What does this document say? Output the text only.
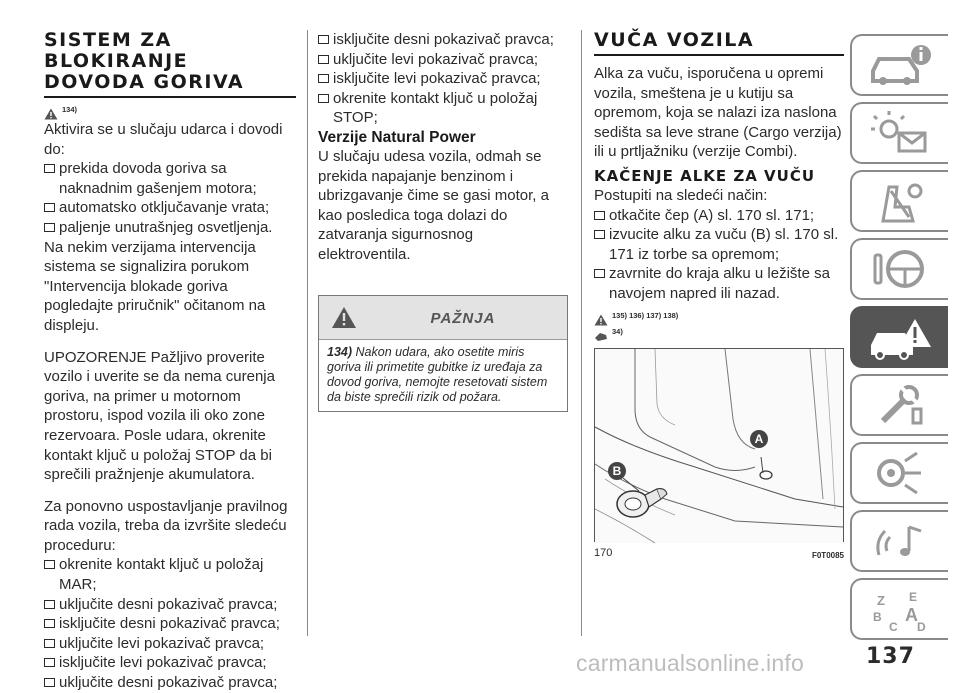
SISTEM ZA
BLOKIRANJE
DOVODA GORIVA
134)

Aktivira se u slučaju udarca i dovodi do:

prekida dovoda goriva sa naknadnim gašenjem motora;
automatsko otključavanje vrata;
paljenje unutrašnjeg osvetljenja.

Na nekim verzijama intervencija sistema se signalizira porukom "Intervencija blokade goriva pogledajte priručnik" očitanom na displeju.

UPOZORENJE Pažljivo proverite vozilo i uverite se da nema curenja goriva, na primer u motornom prostoru, ispod vozila ili oko zone rezervoara. Posle udara, okrenite kontakt ključ u položaj STOP da bi sprečili pražnjenje akumulatora.

Za ponovno uspostavljanje pravilnog rada vozila, treba da izvršite sledeću proceduru:

okrenite kontakt ključ u položaj MAR;
uključite desni pokazivač pravca;
isključite desni pokazivač pravca;
uključite levi pokazivač pravca;
isključite levi pokazivač pravca;
uključite desni pokazivač pravca;
isključite desni pokazivač pravca;
uključite levi pokazivač pravca;
isključite levi pokazivač pravca;
okrenite kontakt ključ u položaj STOP;
Verzije Natural Power

U slučaju udesa vozila, odmah se prekida napajanje benzinom i ubrizgavanje čime se gasi motor, a kao posledica toga dolazi do zatvaranja sigurnosnog elektroventila.

PAŽNJA
134) Nakon udara, ako osetite miris goriva ili primetite gubitke iz uređaja za dovod goriva, nemojte resetovati sistem da biste sprečili rizik od požara.
VUČA VOZILA

Alka za vuču, isporučena u opremi vozila, smeštena je u kutiju sa opremom, koja se nalazi iza naslona sedišta sa leve strane (Cargo verzija) ili u prtljažniku (verzije Combi).

KAČENJE ALKE ZA VUČU

Postupiti na sledeći način:

otkačite čep (A) sl. 170 sl. 171;
izvucite alku za vuču (B) sl. 170 sl. 171 iz torbe sa opremom;
zavrnite do kraja alku u ležište sa navojem napred ili nazad.
135) 136) 137) 138)
34)
A
B
170	F0T0085
Z E
B A
C D
carmanualsonline.info	137
